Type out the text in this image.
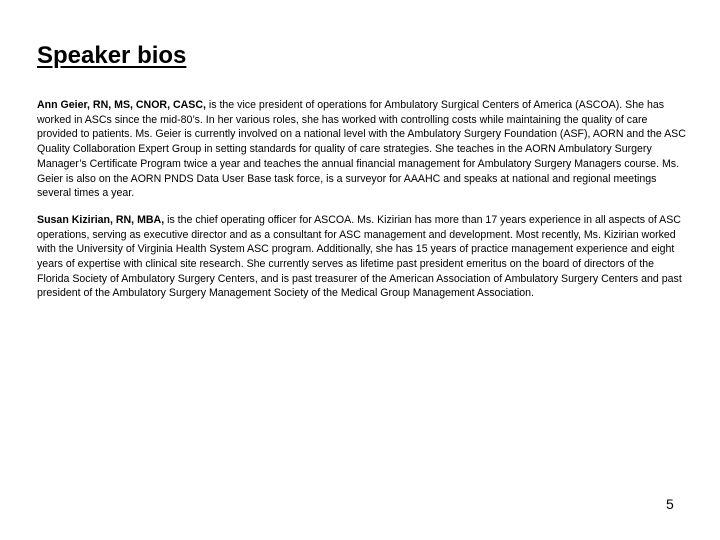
Speaker bios

Ann Geier, RN, MS, CNOR, CASC, is the vice president of operations for Ambulatory Surgical Centers of America (ASCOA). She has worked in ASCs since the mid-80’s. In her various roles, she has worked with controlling costs while maintaining the quality of care provided to patients. Ms. Geier is currently involved on a national level with the Ambulatory Surgery Foundation (ASF), AORN and the ASC Quality Collaboration Expert Group in setting standards for quality of care strategies. She teaches in the AORN Ambulatory Surgery Manager’s Certificate Program twice a year and teaches the annual financial management for Ambulatory Surgery Managers course. Ms. Geier is also on the AORN PNDS Data User Base task force, is a surveyor for AAAHC and speaks at national and regional meetings several times a year.

Susan Kizirian, RN, MBA, is the chief operating officer for ASCOA. Ms. Kizirian has more than 17 years experience in all aspects of ASC operations, serving as executive director and as a consultant for ASC management and development. Most recently, Ms. Kizirian worked with the University of Virginia Health System ASC program. Additionally, she has 15 years of practice management experience and eight years of expertise with clinical site research. She currently serves as lifetime past president emeritus on the board of directors of the Florida Society of Ambulatory Surgery Centers, and is past treasurer of the American Association of Ambulatory Surgery Centers and past president of the Ambulatory Surgery Management Society of the Medical Group Management Association.

5
